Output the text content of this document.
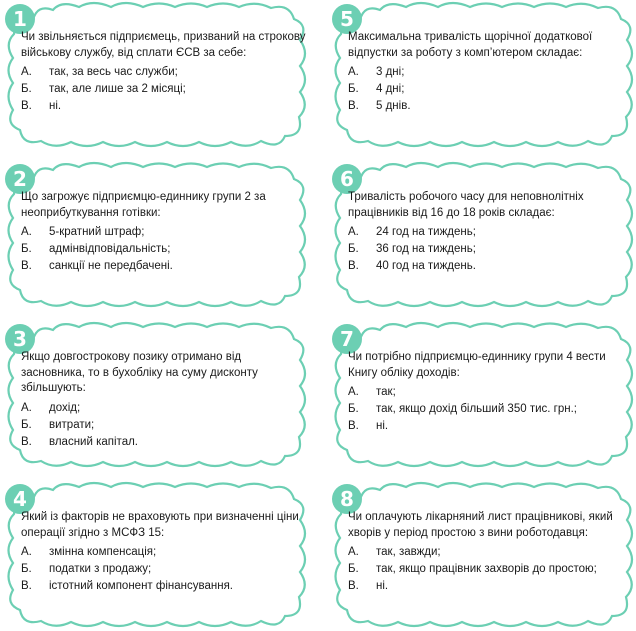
1

Чи звільняється підприємець, призваний на строкову військову службу, від сплати ЄСВ за себе:

А.	так, за весь час служби;
Б.	так, але лише за 2 місяці;
В.	ні.
2

Що загрожує підприємцю-единнику групи 2 за неоприбуткування готівки:

А.	5-кратний штраф;
Б.	адмінвідповідальність;
В.	санкції не передбачені.
3

Якщо довгострокову позику отримано від засновника, то в бухобліку на суму дисконту збільшують:

А.	дохід;
Б.	витрати;
В.	власний капітал.
4

Який із факторів не враховують при визначенні ціни операції згідно з МСФЗ 15:

А.	змінна компенсація;
Б.	податки з продажу;
В.	істотний компонент фінансування.
5

Максимальна тривалість щорічної додаткової відпустки за роботу з комп’ютером складає:

А.	3 дні;
Б.	4 дні;
В.	5 днів.
6

Тривалість робочого часу для неповнолітніх працівників від 16 до 18 років складає:

А.	24 год на тиждень;
Б.	36 год на тиждень;
В.	40 год на тиждень.
7

Чи потрібно підприємцю-единнику групи 4 вести Книгу обліку доходів:

А.	так;
Б.	так, якщо дохід більший 350 тис. грн.;
В.	ні.
8

Чи оплачують лікарняний лист працівникові, який хворів у період простою з вини роботодавця:

А.	так, завжди;
Б.	так, якщо працівник захворів до простою;
В.	ні.
